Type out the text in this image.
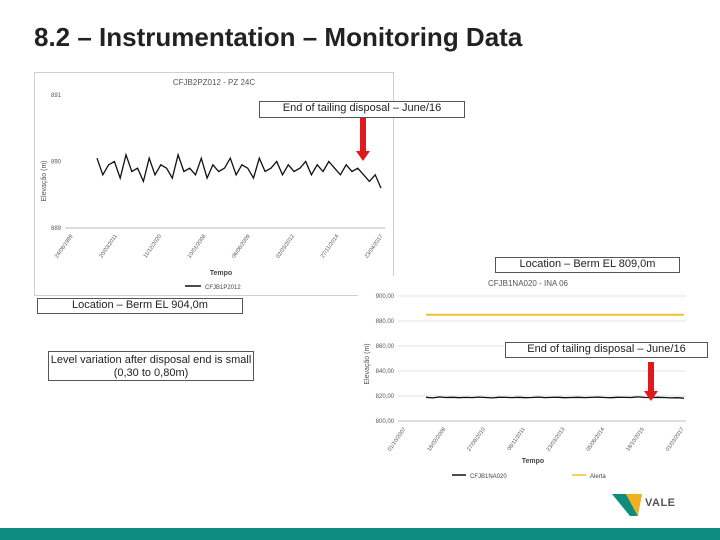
8.2 – Instrumentation – Monitoring Data
CFJB2PZ012 - PZ 24C
Elevação (m)
Tempo
CFJB1P2012
891
890
889
24/06/1999	20/03/2011	11/12/2020	10/01/2008	06/06/2009	02/03/2012	27/11/2014	23/04/2017
CFJB1NA020 - INA 06
Elevação (m)
Tempo
CFJB1NA020	Alerta
900,00
880,00
860,00
840,00
820,00
800,00
01/10/2007	18/02/2009	27/09/2010	08/11/2011	23/03/2013	05/06/2014	18/10/2015	01/03/2017
End of tailing disposal – June/16
Location – Berm EL 809,0m
Location – Berm EL 904,0m
Level variation after disposal end is small (0,30 to 0,80m)
End of tailing disposal – June/16
VALE
